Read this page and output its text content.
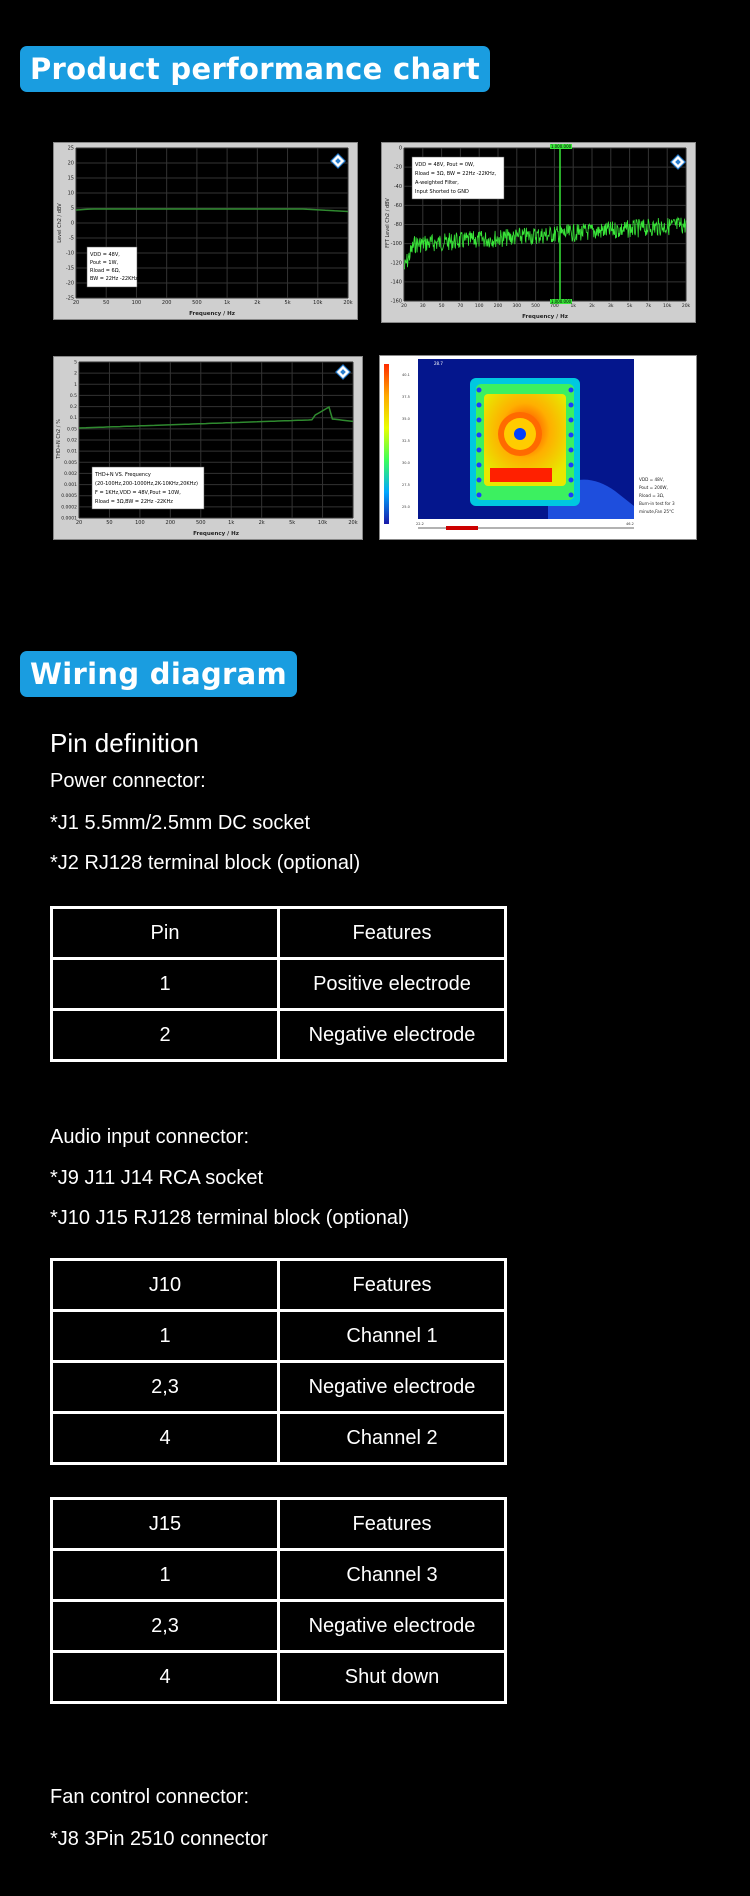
Product performance chart
25
20
15
10
5
0
-5
-10
-15
-20
-25
20	50	100	200	500	1k	2k	5k	10k	20k
Level Ch2 / dBV
Frequency / Hz
VDD = 48V,
Pout = 1W,
Rload = 6Ω,
BW = 22Hz -22KHz
1.000.000
1.000.000
0
-20
-40
-60
-80
-100
-120
-140
-160
20	30	50	70	100 200 300 500 700	1k	2k	3k	5k	7k	10k 20k
FFT Level Ch2 / dBV
Frequency / Hz
VDD = 48V, Pout = 0W,
Rload = 3Ω, BW = 22Hz -22KHz,
A-weighted Filter,
Input Shorted to GND
5
2
1
0.5
0.2
0.1
0.05
0.02
0.01
0.005
0.002
0.001
0.0005
0.0002
0.0001
20	50	100	200	500	1k	2k	5k	10k	20k
THD+N Ch2 / %
Frequency / Hz
THD+N VS. Frequency
(20-100Hz,200-1000Hz,2K-10KHz,20KHz)
F = 1KHz,VDD = 48V,Pout = 10W,
Rload = 3Ω,BW = 22Hz -22KHz
40.1
37.5
35.0
32.5
30.0
27.5
25.0
28.7
VDD = 48V,
Pout = 200W,
Rload = 3Ω,
Burn-in test for 3
minute,Fan 25°C
22.2	46.2
Wiring diagram
Pin definition
Power connector:
*J1 5.5mm/2.5mm DC socket
*J2 RJ128 terminal block (optional)
Pin	Features
1	Positive electrode
2	Negative electrode
Audio input connector:
*J9 J11 J14 RCA socket
*J10 J15 RJ128 terminal block (optional)
J10	Features
1	Channel 1
2,3	Negative electrode
4	Channel 2
J15	Features
1	Channel 3
2,3	Negative electrode
4	Shut down
Fan control connector:
*J8 3Pin 2510 connector
